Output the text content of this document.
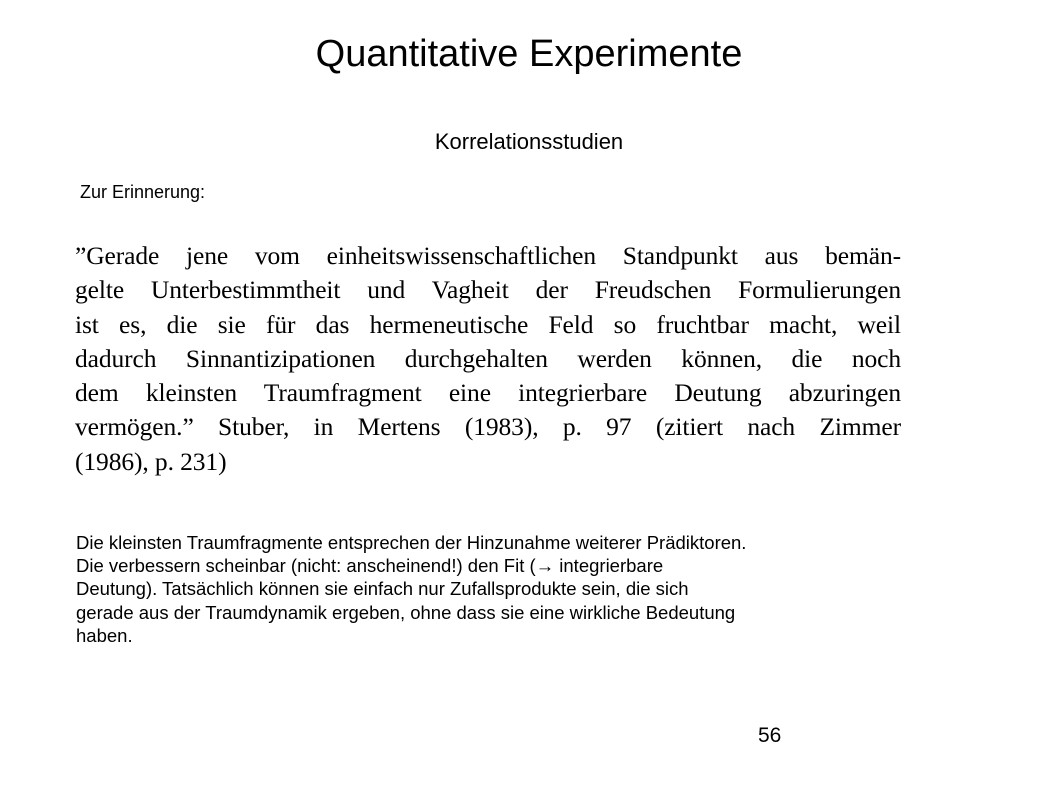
Quantitative Experimente
Korrelationsstudien
Zur Erinnerung:
”Gerade jene vom einheitswissenschaftlichen Standpunkt aus bemän-
gelte Unterbestimmtheit und Vagheit der Freudschen Formulierungen
ist es, die sie für das hermeneutische Feld so fruchtbar macht, weil
dadurch Sinnantizipationen durchgehalten werden können, die noch
dem kleinsten Traumfragment eine integrierbare Deutung abzuringen
vermögen.” Stuber, in Mertens (1983), p. 97 (zitiert nach Zimmer
(1986), p. 231)
Die kleinsten Traumfragmente entsprechen der Hinzunahme weiterer Prädiktoren.
Die verbessern scheinbar (nicht: anscheinend!) den Fit (→ integrierbare
Deutung). Tatsächlich können sie einfach nur Zufallsprodukte sein, die sich
gerade aus der Traumdynamik ergeben, ohne dass sie eine wirkliche Bedeutung
haben.
56
